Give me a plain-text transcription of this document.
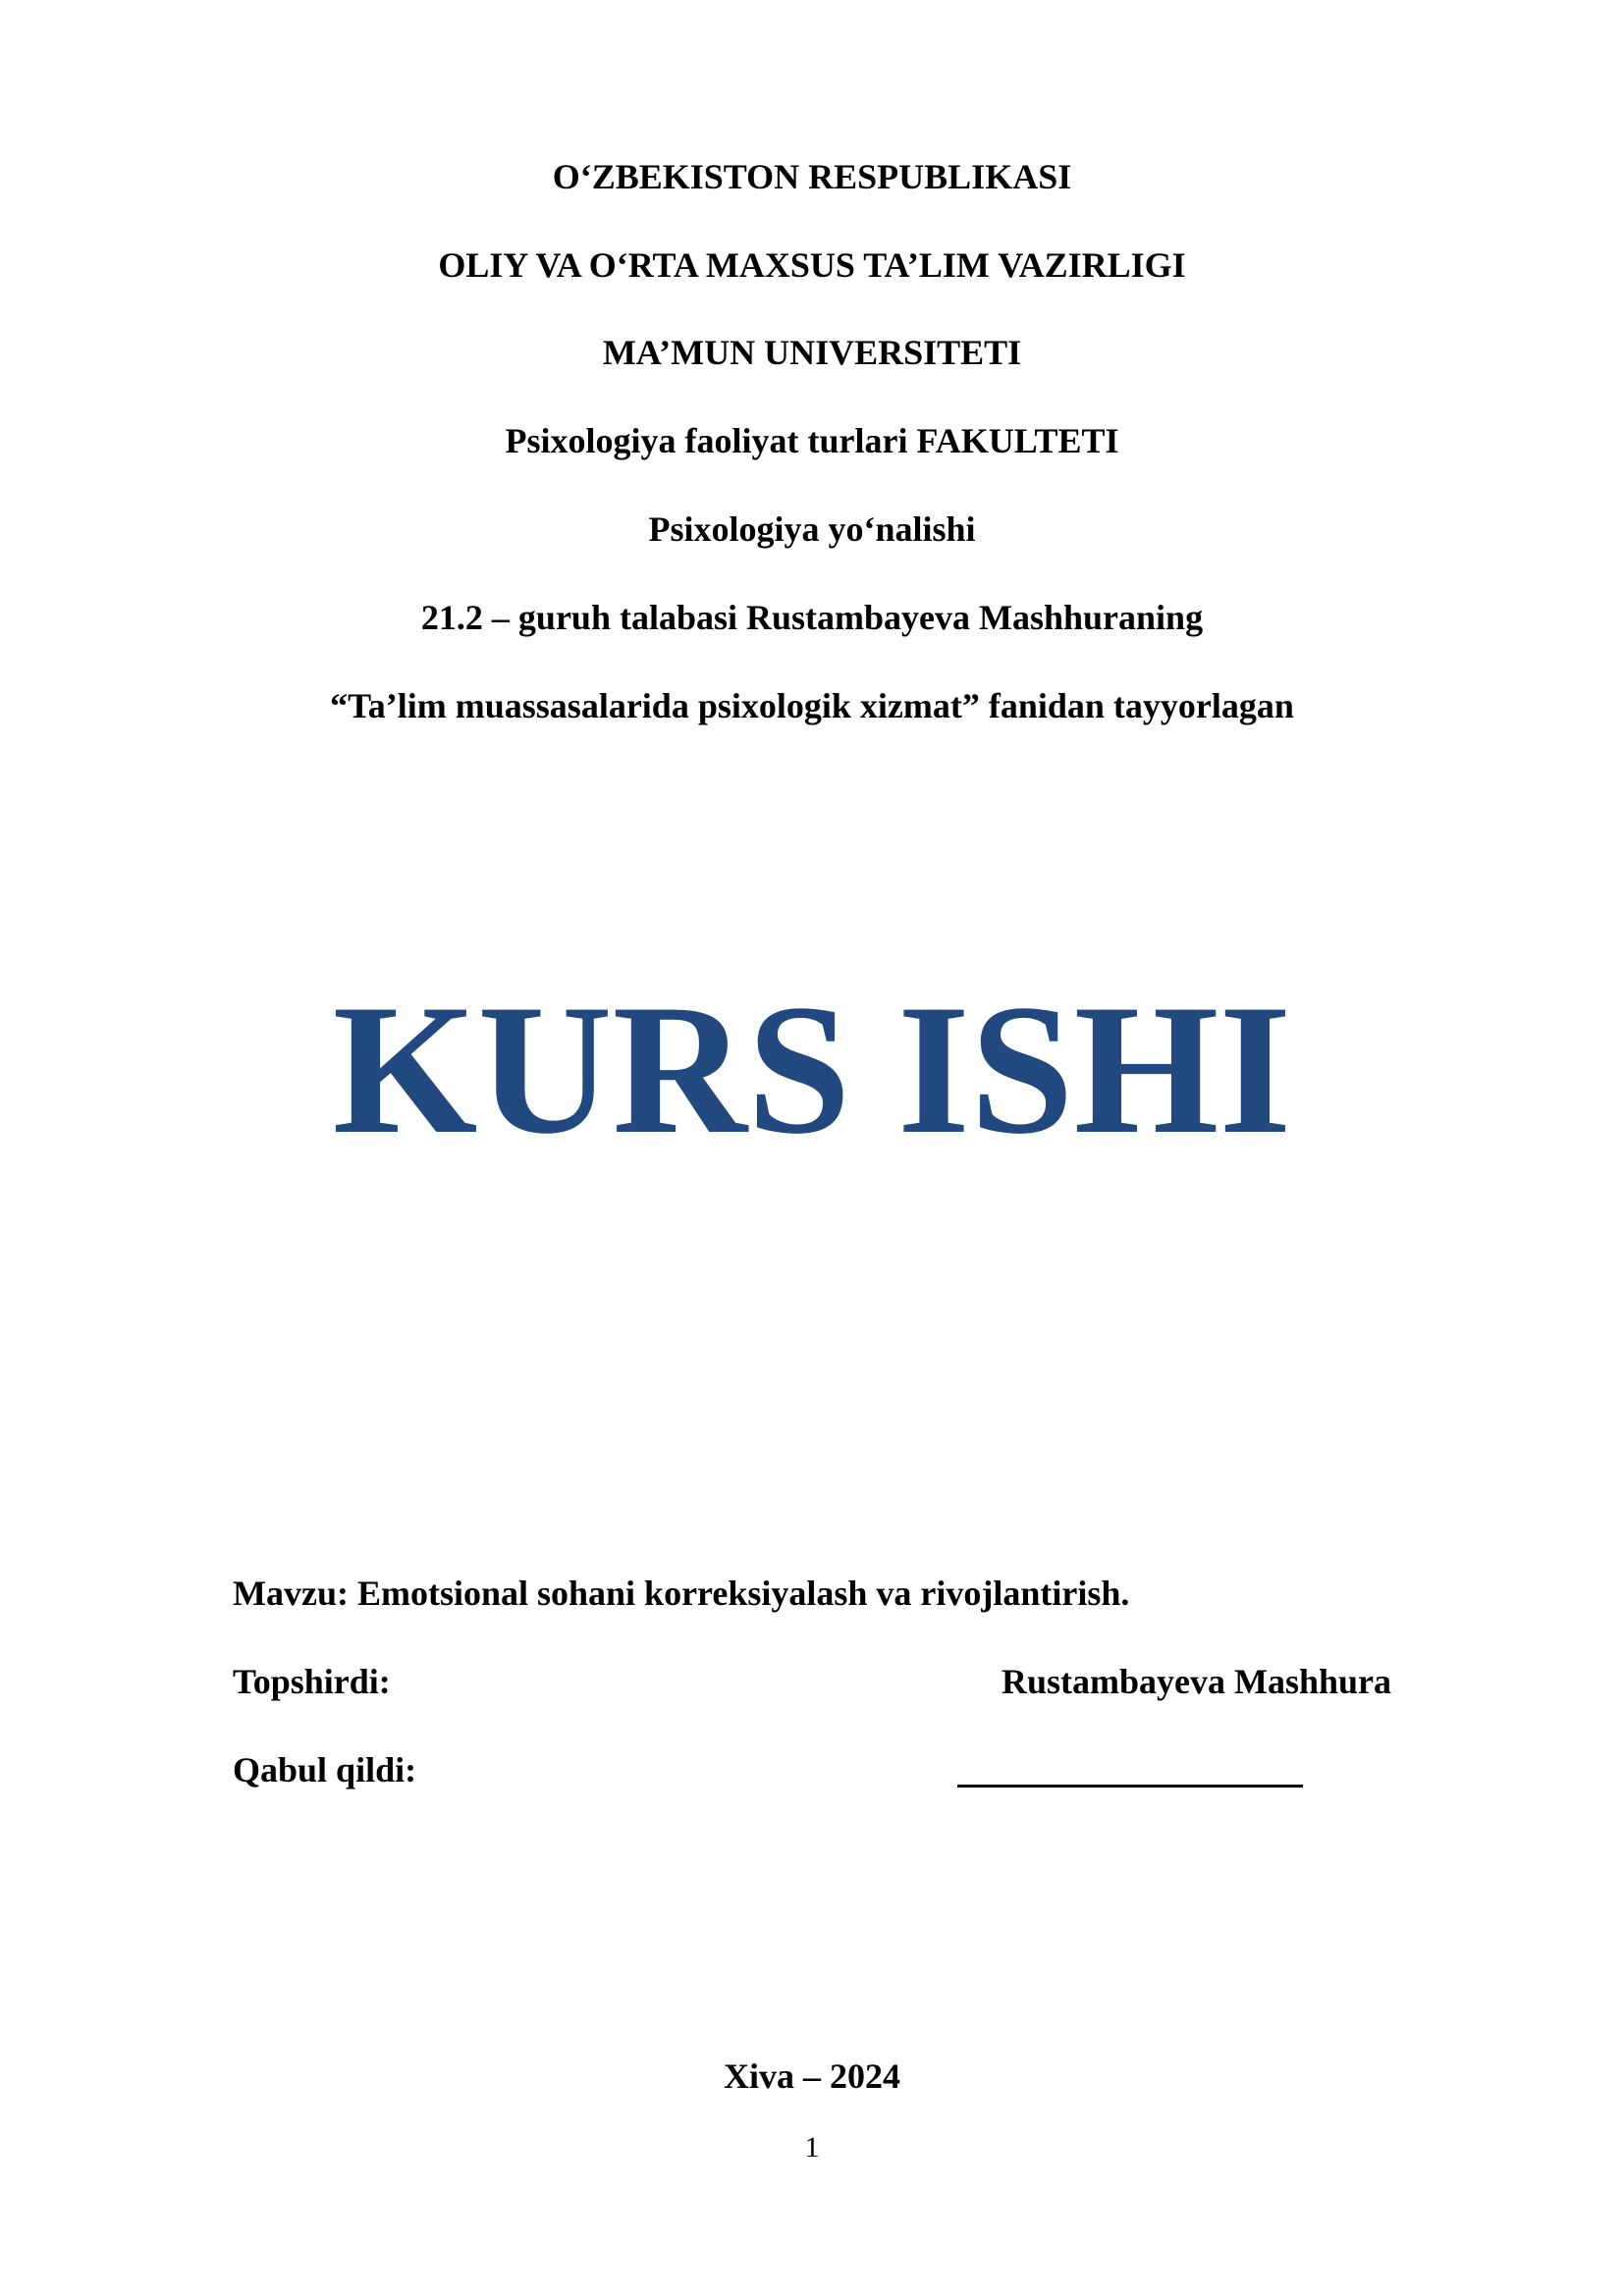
O‘ZBEKISTON RESPUBLIKASI
OLIY VA O‘RTA MAXSUS TA’LIM VAZIRLIGI
MA’MUN UNIVERSITETI
Psixologiya faoliyat turlari FAKULTETI
Psixologiya yo‘nalishi
21.2 – guruh talabasi Rustambayeva Mashhuraning
“Ta’lim muassasalarida psixologik xizmat” fanidan tayyorlagan
KURS ISHI
Mavzu: Emotsional sohani korreksiyalash va rivojlantirish.
Topshirdi:	Rustambayeva Mashhura
Qabul qildi:
Xiva – 2024
1
